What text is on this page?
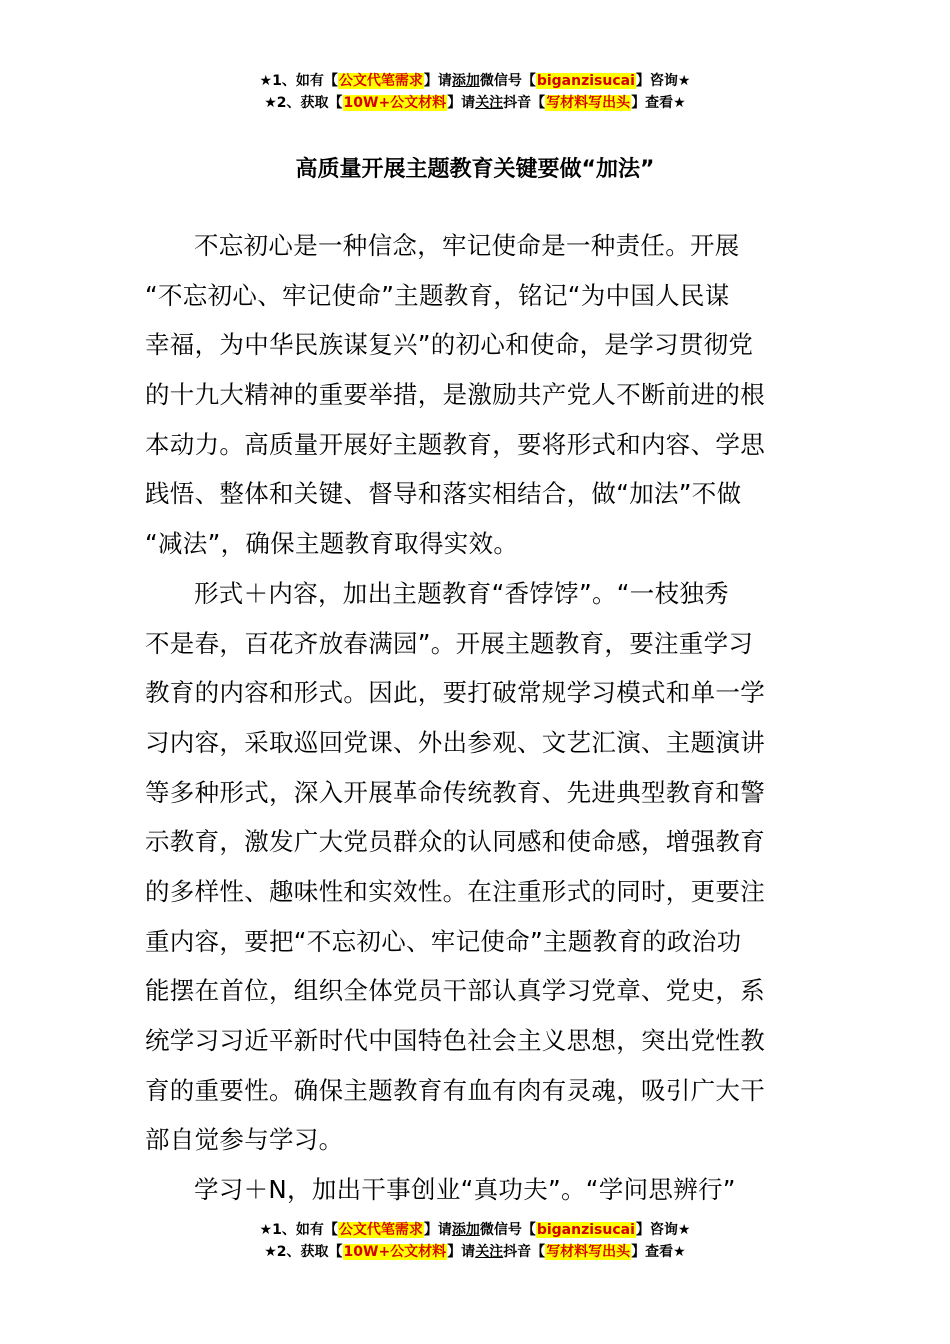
★1、如有【公文代笔需求】请添加微信号【biganzisucai】咨询★
★2、获取【10W+公文材料】请关注抖音【写材料写出头】查看★
高质量开展主题教育关键要做“加法”
不忘初心是一种信念，牢记使命是一种责任。开展
“不忘初心、牢记使命”主题教育，铭记“为中国人民谋
幸福，为中华民族谋复兴”的初心和使命，是学习贯彻党
的十九大精神的重要举措，是激励共产党人不断前进的根
本动力。高质量开展好主题教育，要将形式和内容、学思
践悟、整体和关键、督导和落实相结合，做“加法”不做
“减法”，确保主题教育取得实效。
形式＋内容，加出主题教育“香饽饽”。“一枝独秀
不是春，百花齐放春满园”。开展主题教育，要注重学习
教育的内容和形式。因此，要打破常规学习模式和单一学
习内容，采取巡回党课、外出参观、文艺汇演、主题演讲
等多种形式，深入开展革命传统教育、先进典型教育和警
示教育，激发广大党员群众的认同感和使命感，增强教育
的多样性、趣味性和实效性。在注重形式的同时，更要注
重内容，要把“不忘初心、牢记使命”主题教育的政治功
能摆在首位，组织全体党员干部认真学习党章、党史，系
统学习习近平新时代中国特色社会主义思想，突出党性教
育的重要性。确保主题教育有血有肉有灵魂，吸引广大干
部自觉参与学习。
学习＋N，加出干事创业“真功夫”。“学问思辨行”
★1、如有【公文代笔需求】请添加微信号【biganzisucai】咨询★
★2、获取【10W+公文材料】请关注抖音【写材料写出头】查看★
